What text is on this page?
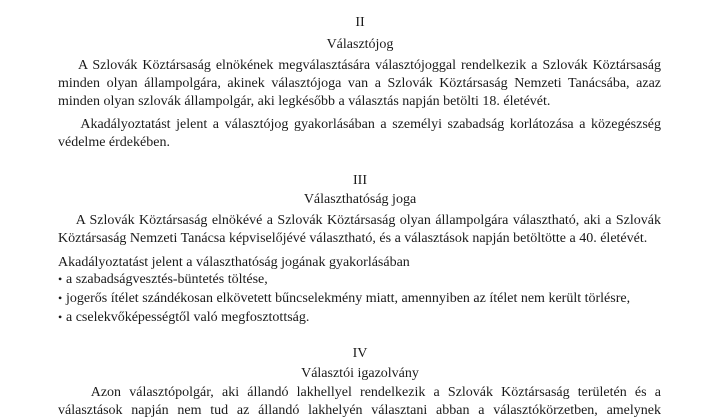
II
Választójog

A Szlovák Köztársaság elnökének megválasztására választójoggal rendelkezik a Szlovák Köztársaság
minden olyan állampolgára, akinek választójoga van a Szlovák Köztársaság Nemzeti Tanácsába, azaz
minden olyan szlovák állampolgár, aki legkésőbb a választás napján betölti 18. életévét.

Akadályoztatást jelent a választójog gyakorlásában a személyi szabadság korlátozása a közegészség
védelme érdekében.

III
Választhatóság joga

A Szlovák Köztársaság elnökévé a Szlovák Köztársaság olyan állampolgára választható, aki a Szlovák
Köztársaság Nemzeti Tanácsa képviselőjévé választható, és a választások napján betöltötte a 40. életévét.

Akadályoztatást jelent a választhatóság jogának gyakorlásában
• a szabadságvesztés-büntetés töltése,
• jogerős ítélet szándékosan elkövetett bűncselekmény miatt, amennyiben az ítélet nem került törlésre,
• a cselekvőképességtől való megfosztottság.
IV
Választói igazolvány

Azon választópolgár, aki állandó lakhellyel rendelkezik a Szlovák Köztársaság területén és a
választások napján nem tud az állandó lakhelyén választani abban a választókörzetben, amelynek
